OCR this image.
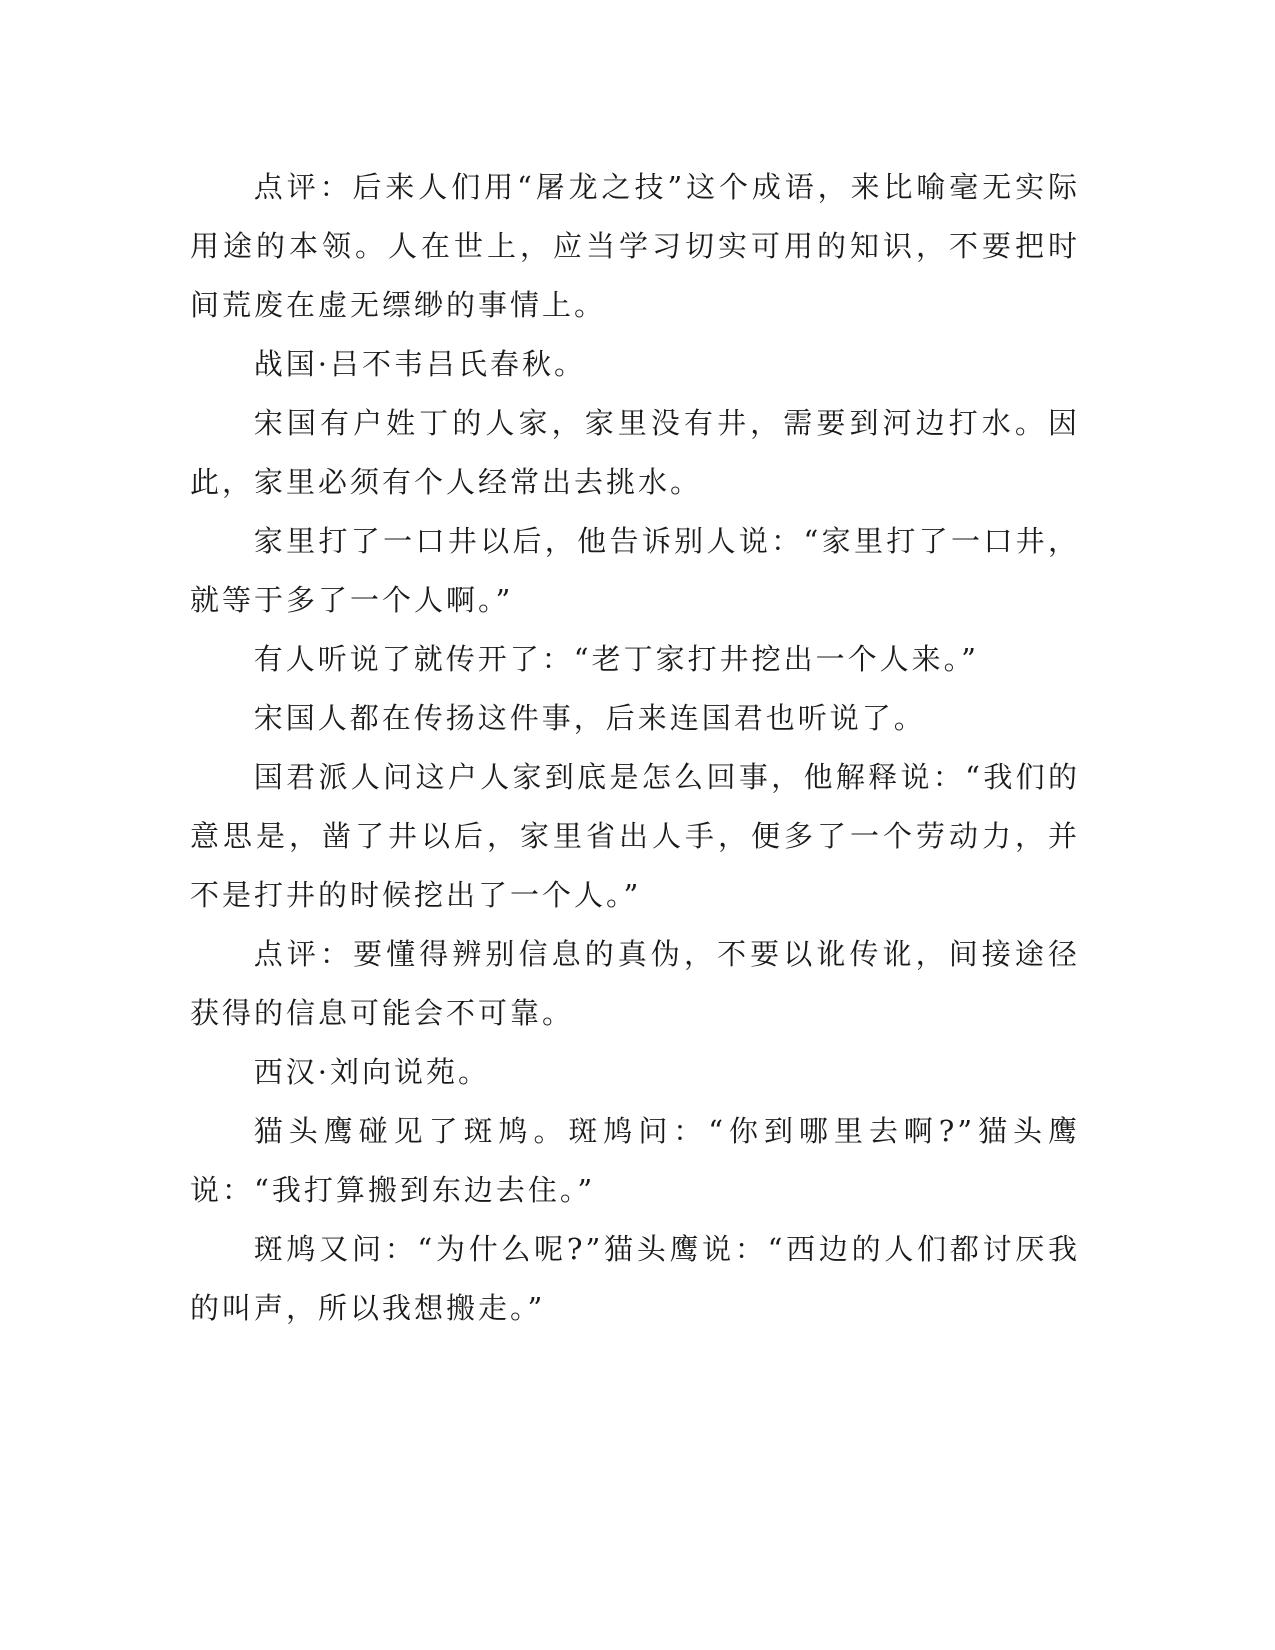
点评：后来人们用“屠龙之技”这个成语，来比喻毫无实际用途的本领。人在世上，应当学习切实可用的知识，不要把时间荒废在虚无缥缈的事情上。

战国·吕不韦吕氏春秋。

宋国有户姓丁的人家，家里没有井，需要到河边打水。因此，家里必须有个人经常出去挑水。

家里打了一口井以后，他告诉别人说：“家里打了一口井，就等于多了一个人啊。”

有人听说了就传开了：“老丁家打井挖出一个人来。”

宋国人都在传扬这件事，后来连国君也听说了。

国君派人问这户人家到底是怎么回事，他解释说：“我们的意思是，凿了井以后，家里省出人手，便多了一个劳动力，并不是打井的时候挖出了一个人。”

点评：要懂得辨别信息的真伪，不要以讹传讹，间接途径获得的信息可能会不可靠。

西汉·刘向说苑。

猫头鹰碰见了斑鸠。斑鸠问：“你到哪里去啊?”猫头鹰说：“我打算搬到东边去住。”

斑鸠又问：“为什么呢?”猫头鹰说：“西边的人们都讨厌我的叫声，所以我想搬走。”
